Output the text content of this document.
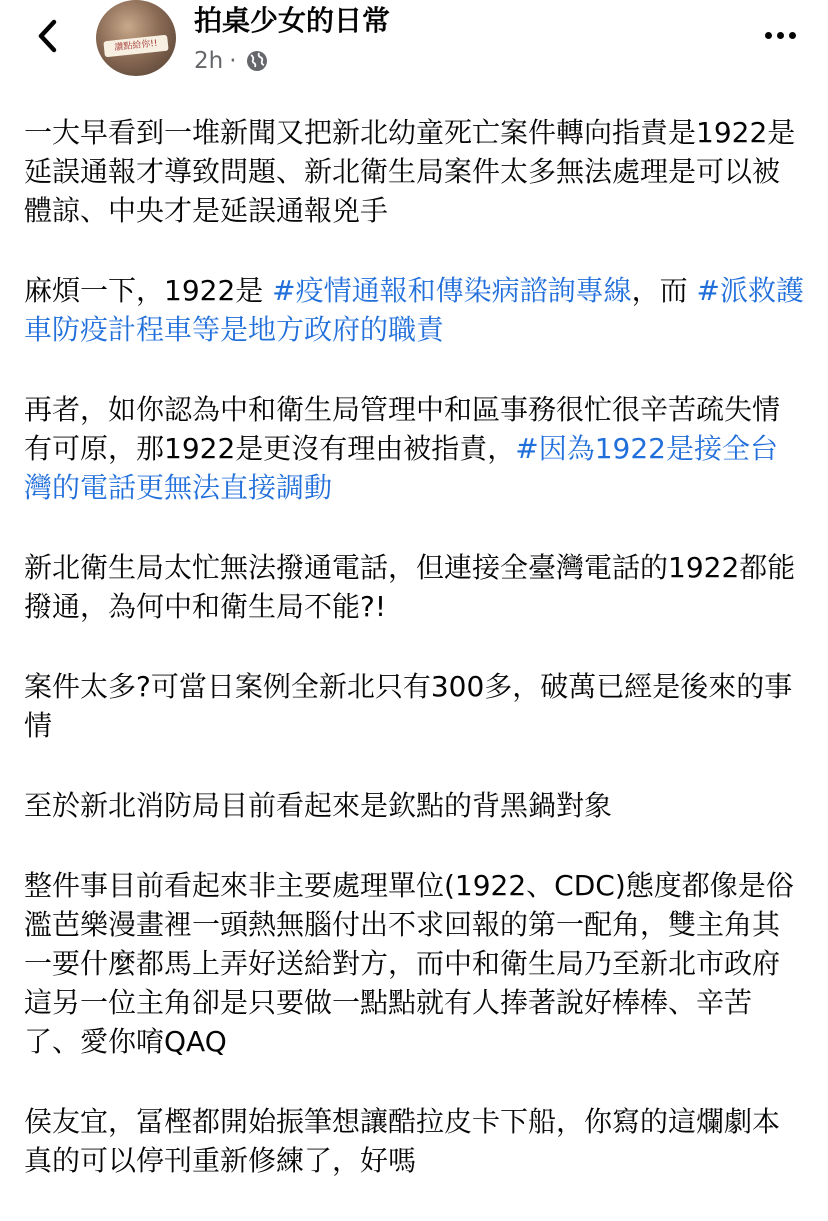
讚點給你!!
拍桌少女的日常
2h ·

一大早看到一堆新聞又把新北幼童死亡案件轉向指責是1922是延誤通報才導致問題、新北衛生局案件太多無法處理是可以被體諒、中央才是延誤通報兇手

麻煩一下，1922是 #疫情通報和傳染病諮詢專線，而 #派救護車防疫計程車等是地方政府的職責

再者，如你認為中和衛生局管理中和區事務很忙很辛苦疏失情有可原，那1922是更沒有理由被指責，#因為1922是接全台灣的電話更無法直接調動

新北衛生局太忙無法撥通電話，但連接全臺灣電話的1922都能撥通，為何中和衛生局不能?!

案件太多?可當日案例全新北只有300多，破萬已經是後來的事情

至於新北消防局目前看起來是欽點的背黑鍋對象

整件事目前看起來非主要處理單位(1922、CDC)態度都像是俗濫芭樂漫畫裡一頭熱無腦付出不求回報的第一配角，雙主角其一要什麼都馬上弄好送給對方，而中和衛生局乃至新北市政府這另一位主角卻是只要做一點點就有人捧著說好棒棒、辛苦了、愛你唷QAQ

侯友宜，冨樫都開始振筆想讓酷拉皮卡下船，你寫的這爛劇本真的可以停刊重新修練了，好嗎
